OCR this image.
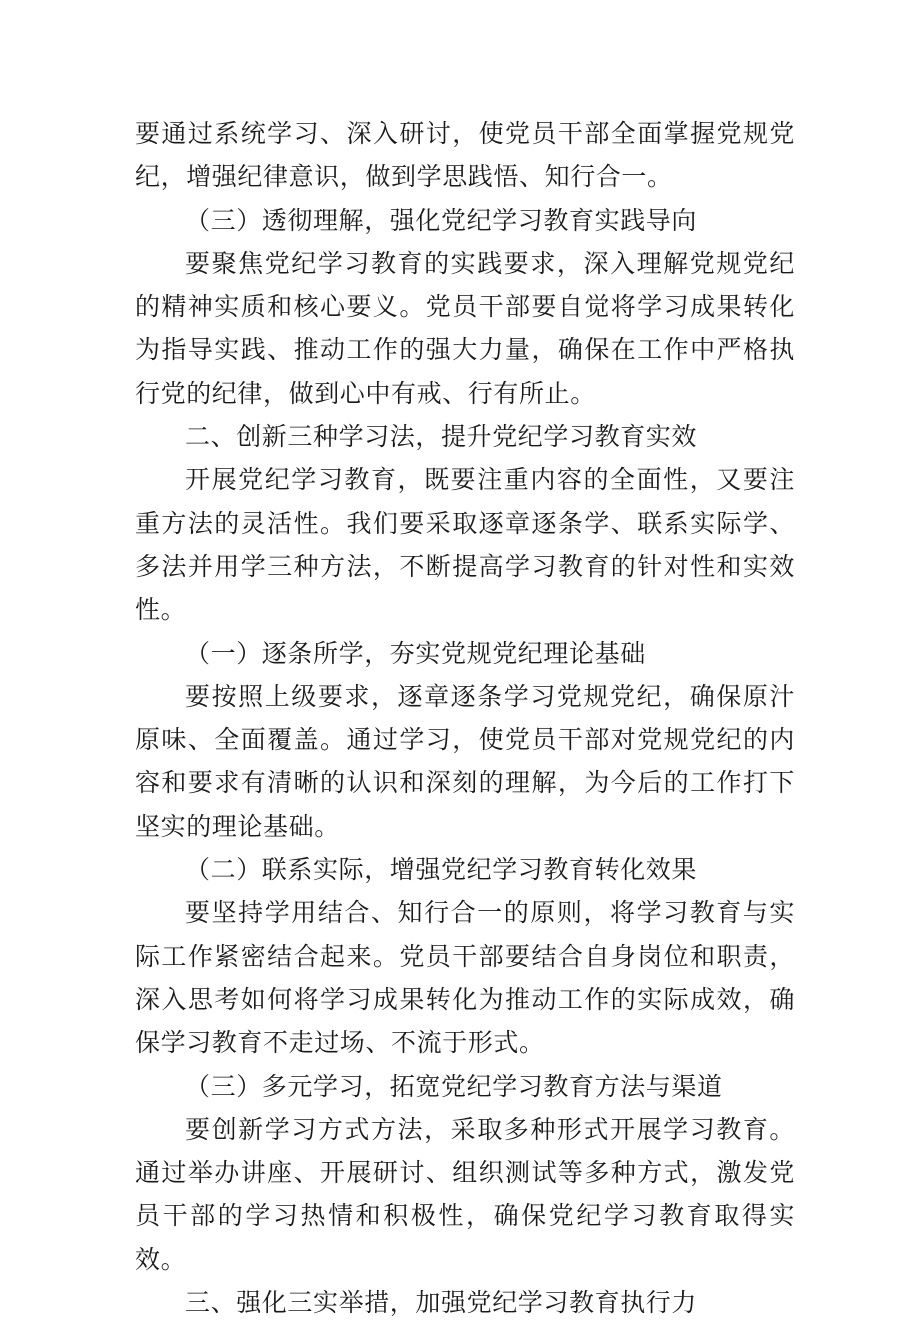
要通过系统学习、深入研讨，使党员干部全面掌握党规党纪，增强纪律意识，做到学思践悟、知行合一。

（三）透彻理解，强化党纪学习教育实践导向

要聚焦党纪学习教育的实践要求，深入理解党规党纪的精神实质和核心要义。党员干部要自觉将学习成果转化为指导实践、推动工作的强大力量，确保在工作中严格执行党的纪律，做到心中有戒、行有所止。

二、创新三种学习法，提升党纪学习教育实效

开展党纪学习教育，既要注重内容的全面性，又要注重方法的灵活性。我们要采取逐章逐条学、联系实际学、多法并用学三种方法，不断提高学习教育的针对性和实效性。

（一）逐条所学，夯实党规党纪理论基础

要按照上级要求，逐章逐条学习党规党纪，确保原汁原味、全面覆盖。通过学习，使党员干部对党规党纪的内容和要求有清晰的认识和深刻的理解，为今后的工作打下坚实的理论基础。

（二）联系实际，增强党纪学习教育转化效果

要坚持学用结合、知行合一的原则，将学习教育与实际工作紧密结合起来。党员干部要结合自身岗位和职责，深入思考如何将学习成果转化为推动工作的实际成效，确保学习教育不走过场、不流于形式。

（三）多元学习，拓宽党纪学习教育方法与渠道

要创新学习方式方法，采取多种形式开展学习教育。通过举办讲座、开展研讨、组织测试等多种方式，激发党员干部的学习热情和积极性，确保党纪学习教育取得实效。

三、强化三实举措，加强党纪学习教育执行力
